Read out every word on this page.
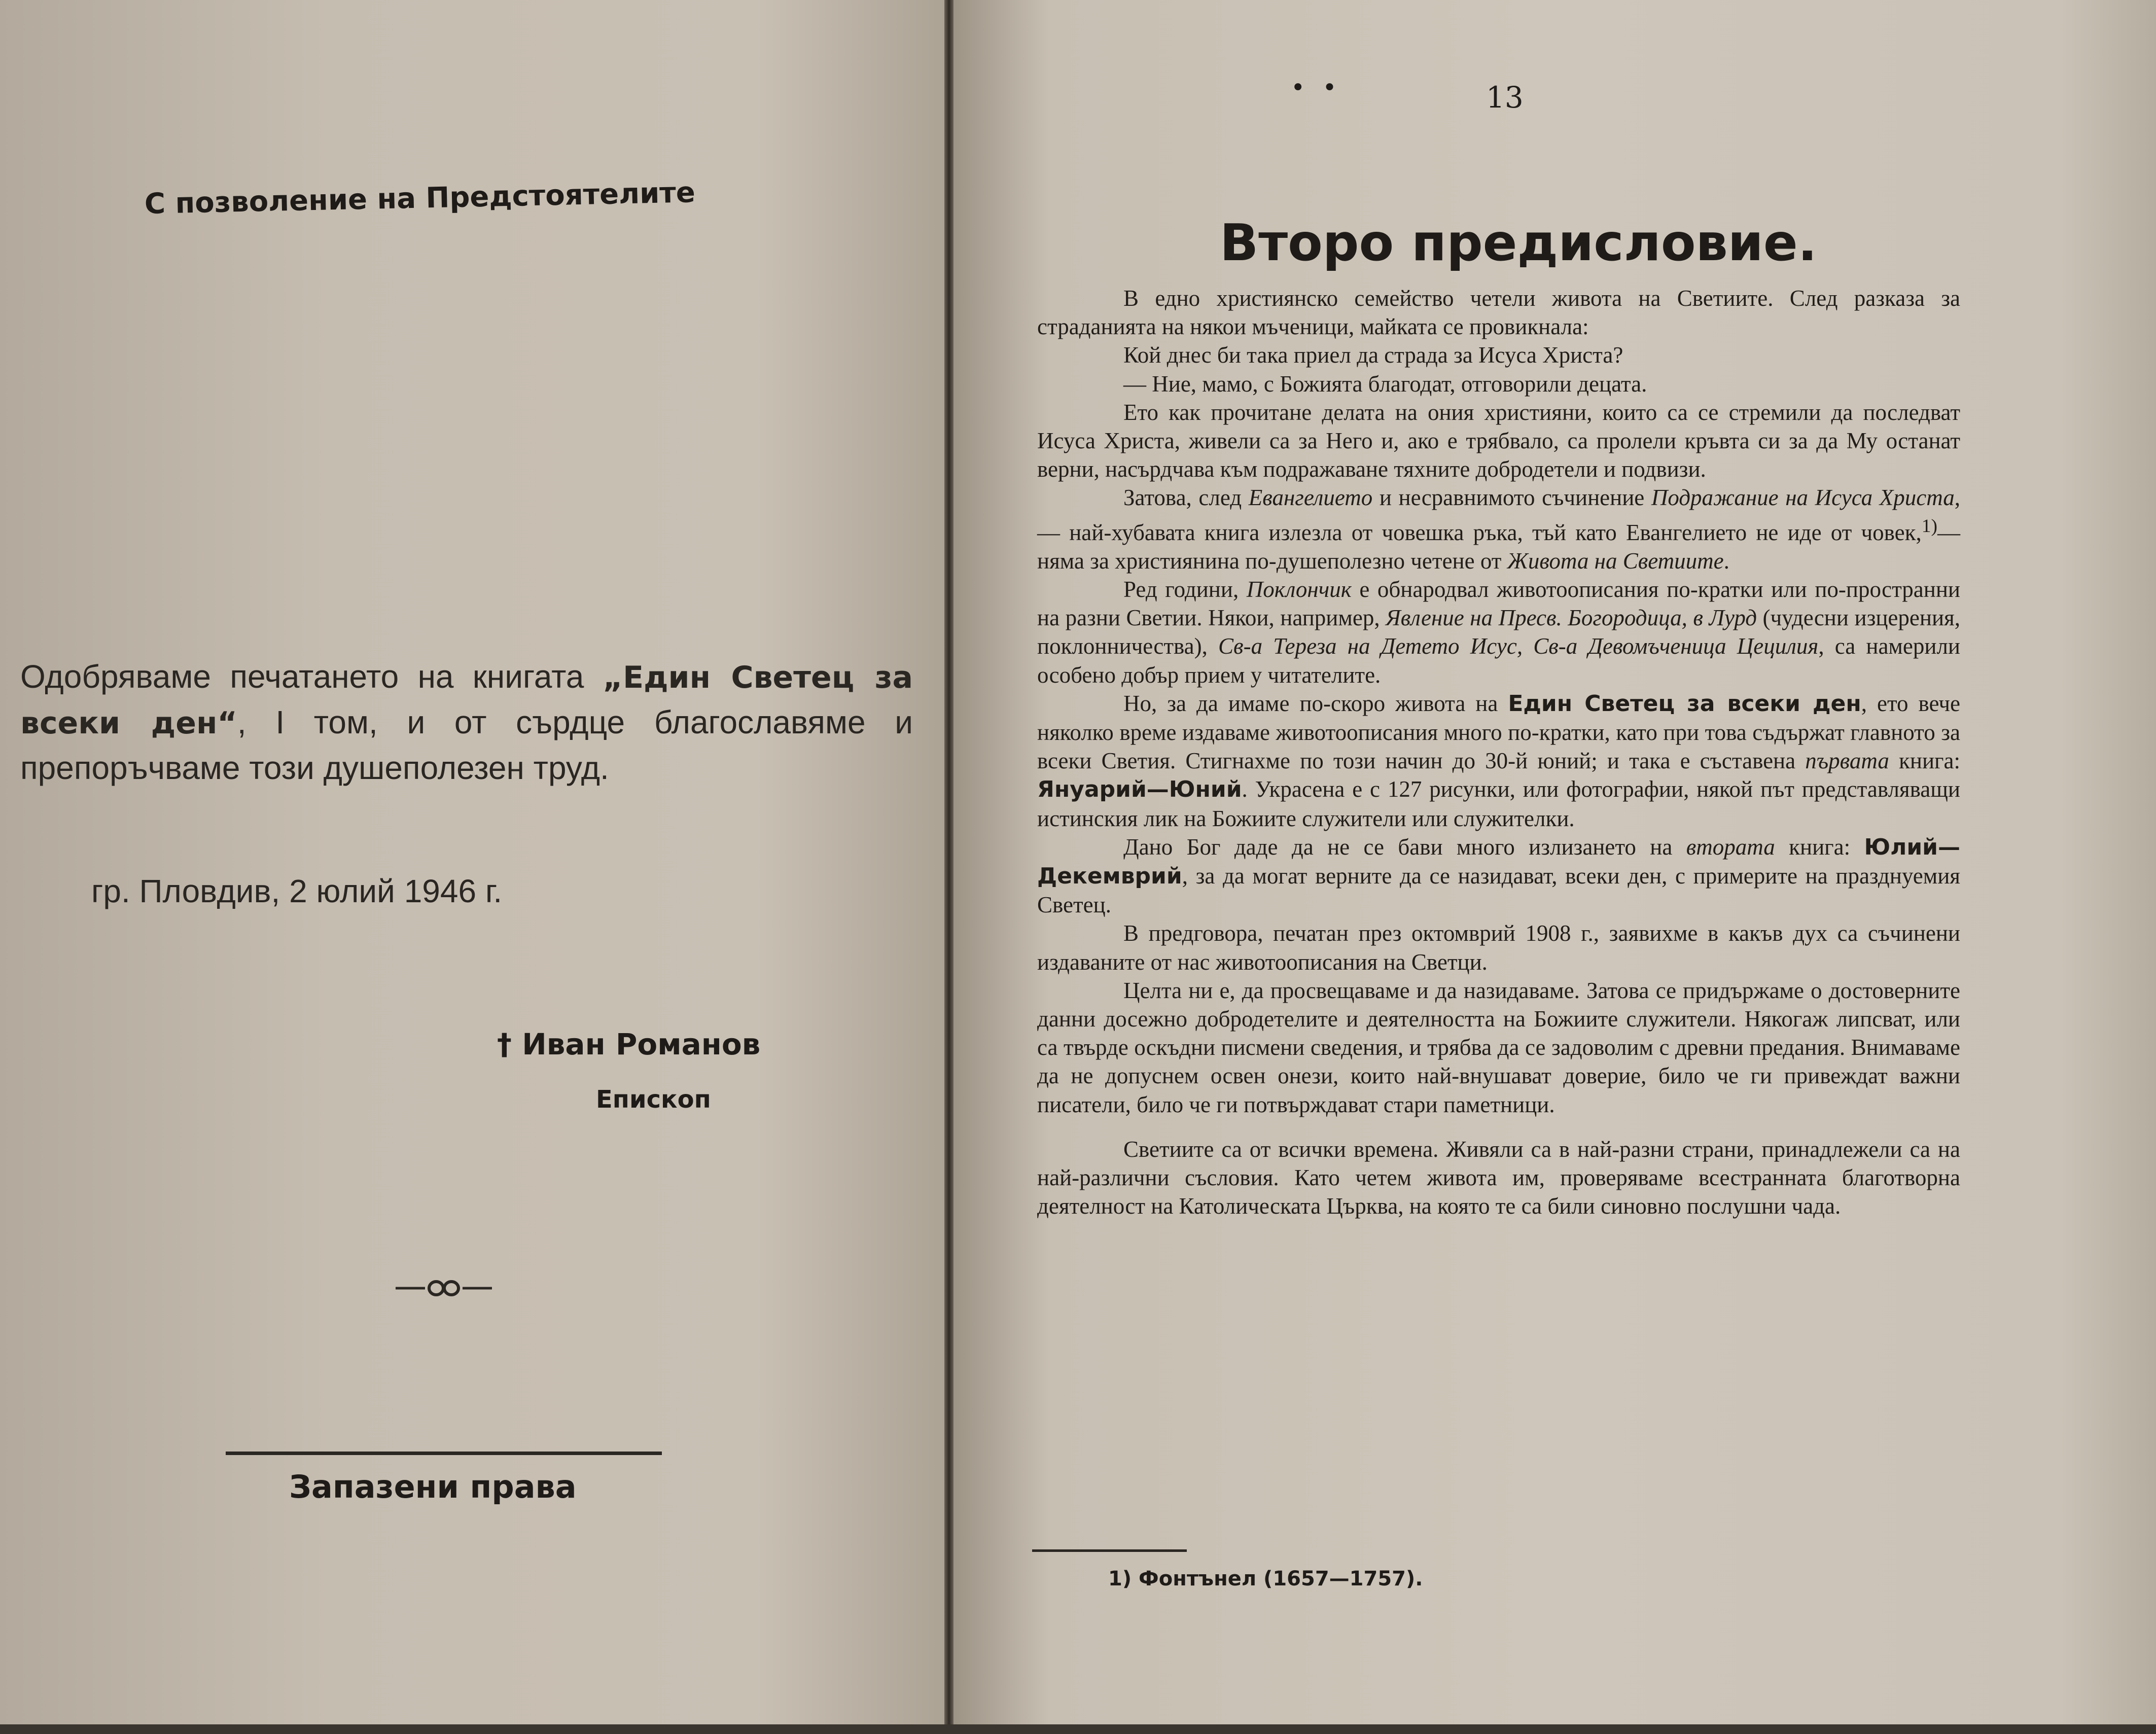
С позволение на Предстоятелите
Одобряваме печатането на книгата „Един Светец за всеки ден“, I том, и от сърдце благославяме и препоръчваме този душеполезен труд.
гр. Пловдив, 2 юлий 1946 г.
† Иван Романов
Епископ
Запазени права
••	13
Второ предисловие.

В едно християнско семейство четели живота на Светиите. След разказа за страданията на някои мъченици, майката се провикнала:

Кой днес би така приел да страда за Исуса Христа?

— Ние, мамо, с Божията благодат, отговорили децата.

Ето как прочитане делата на ония християни, които са се стремили да последват Исуса Христа, живели са за Него и, ако е трябвало, са пролели кръвта си за да Му останат верни, насърдчава към подражаване тяхните добродетели и подвизи.

Затова, след Евангелието и несравнимото съчинение Подражание на Исуса Христа,— най-хубавата книга излезла от човешка ръка, тъй като Евангелието не иде от човек,$^{1)}$—няма за християнина по-душеполезно четене от Живота на Светиите.

Ред години, Поклончик е обнародвал животоописания по-кратки или по-пространни на разни Светии. Някои, например, Явление на Пресв. Богородица, в Лурд (чудесни изцерения, поклонничества), Св-а Тереза на Детето Исус, Св-а Девомъченица Цецилия, са намерили особено добър прием у читателите.

Но, за да имаме по-скоро живота на Един Светец за всеки ден, ето вече няколко време издаваме животоописания много по-кратки, като при това съдържат главното за всеки Светия. Стигнахме по този начин до 30-й юний; и така е съставена първата книга: Януарий—Юний. Украсена е с 127 рисунки, или фотографии, някой път представляващи истинския лик на Божиите служители или служителки.

Дано Бог даде да не се бави много излизането на втората книга: Юлий—Декемврий, за да могат верните да се назидават, всеки ден, с примерите на празднуемия Светец.

В предговора, печатан през октомврий 1908 г., заявихме в какъв дух са съчинени издаваните от нас животоописания на Светци.

Целта ни е, да просвещаваме и да назидаваме. Затова се придържаме о достоверните данни досежно добродетелите и деятелността на Божиите служители. Някогаж липсват, или са твърде оскъдни писмени сведения, и трябва да се задоволим с древни предания. Внимаваме да не допуснем освен онези, които най-внушават доверие, било че ги привеждат важни писатели, било че ги потвърждават стари паметници.

Светиите са от всички времена. Живяли са в най-разни страни, принадлежели са на най-различни съсловия. Като четем живота им, проверяваме всестранната благотворна деятелност на Католическата Църква, на която те са били синовно послушни чада.

1) Фонтънел (1657—1757).
